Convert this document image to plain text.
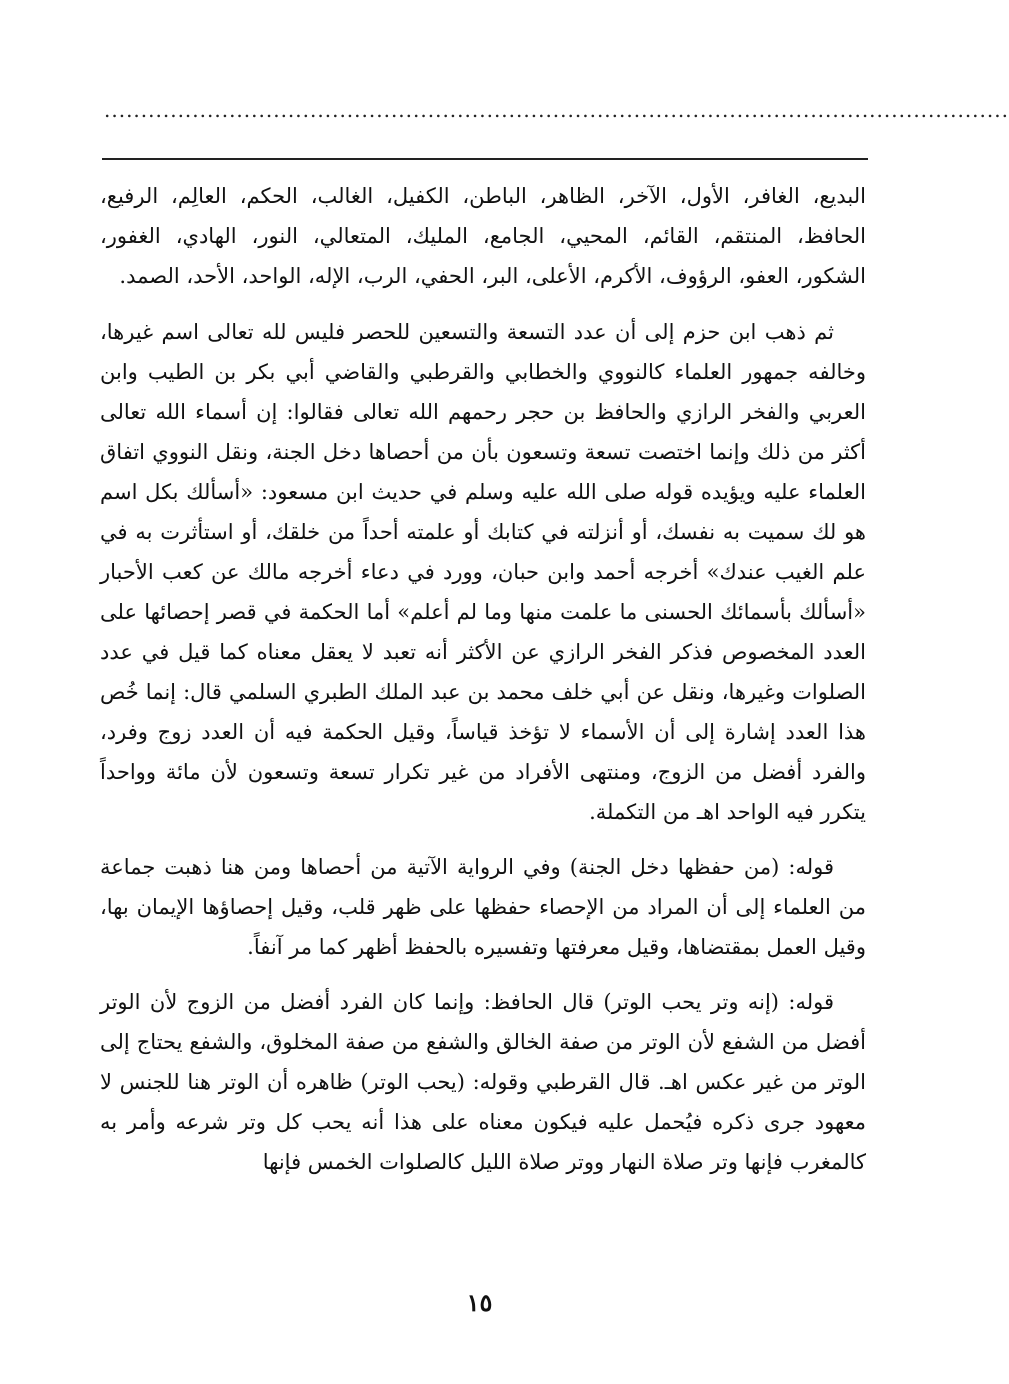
...........................................................................................................................

البديع، الغافر، الأول، الآخر، الظاهر، الباطن، الكفيل، الغالب، الحكم، العالِم، الرفيع، الحافظ، المنتقم، القائم، المحيي، الجامع، المليك، المتعالي، النور، الهادي، الغفور، الشكور، العفو، الرؤوف، الأكرم، الأعلى، البر، الحفي، الرب، الإله، الواحد، الأحد، الصمد.

ثم ذهب ابن حزم إلى أن عدد التسعة والتسعين للحصر فليس لله تعالى اسم غيرها، وخالفه جمهور العلماء كالنووي والخطابي والقرطبي والقاضي أبي بكر بن الطيب وابن العربي والفخر الرازي والحافظ بن حجر رحمهم الله تعالى فقالوا: إن أسماء الله تعالى أكثر من ذلك وإنما اختصت تسعة وتسعون بأن من أحصاها دخل الجنة، ونقل النووي اتفاق العلماء عليه ويؤيده قوله صلى الله عليه وسلم في حديث ابن مسعود: «أسألك بكل اسم هو لك سميت به نفسك، أو أنزلته في كتابك أو علمته أحداً من خلقك، أو استأثرت به في علم الغيب عندك» أخرجه أحمد وابن حبان، وورد في دعاء أخرجه مالك عن كعب الأحبار «أسألك بأسمائك الحسنى ما علمت منها وما لم أعلم» أما الحكمة في قصر إحصائها على العدد المخصوص فذكر الفخر الرازي عن الأكثر أنه تعبد لا يعقل معناه كما قيل في عدد الصلوات وغيرها، ونقل عن أبي خلف محمد بن عبد الملك الطبري السلمي قال: إنما خُص هذا العدد إشارة إلى أن الأسماء لا تؤخذ قياساً، وقيل الحكمة فيه أن العدد زوج وفرد، والفرد أفضل من الزوج، ومنتهى الأفراد من غير تكرار تسعة وتسعون لأن مائة وواحداً يتكرر فيه الواحد اهـ من التكملة.

قوله: (من حفظها دخل الجنة) وفي الرواية الآتية من أحصاها ومن هنا ذهبت جماعة من العلماء إلى أن المراد من الإحصاء حفظها على ظهر قلب، وقيل إحصاؤها الإيمان بها، وقيل العمل بمقتضاها، وقيل معرفتها وتفسيره بالحفظ أظهر كما مر آنفاً.

قوله: (إنه وتر يحب الوتر) قال الحافظ: وإنما كان الفرد أفضل من الزوج لأن الوتر أفضل من الشفع لأن الوتر من صفة الخالق والشفع من صفة المخلوق، والشفع يحتاج إلى الوتر من غير عكس اهـ. قال القرطبي وقوله: (يحب الوتر) ظاهره أن الوتر هنا للجنس لا معهود جرى ذكره فيُحمل عليه فيكون معناه على هذا أنه يحب كل وتر شرعه وأمر به كالمغرب فإنها وتر صلاة النهار ووتر صلاة الليل كالصلوات الخمس فإنها

١٥
